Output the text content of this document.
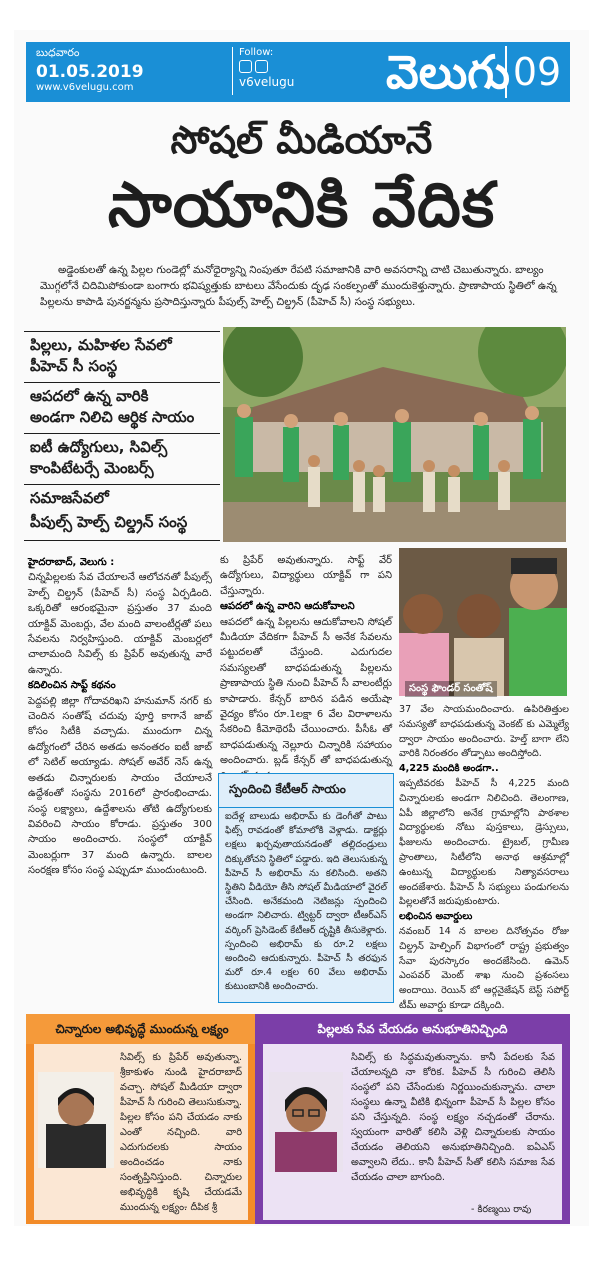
బుధవారం
01.05.2019
www.v6velugu.com
Follow:
v6velugu వెలుగు 09
సోషల్ మీడియానే
సాయానికి వేదిక
అడ్డెంకులతో ఉన్న పిల్లల గుండెల్లో మనోధైర్యాన్ని నింపుతూ రేపటి సమాజానికి వారి అవసరాన్ని చాటి చెబుతున్నారు. బాల్యం మొగ్గలోనే చిదిమిపోకుండా బంగారు భవిష్యత్తుకు బాటలు వేసేందుకు దృఢ సంకల్పంతో ముందుకెళ్తున్నారు. ప్రాణాపాయ స్థితిలో ఉన్న పిల్లలను కాపాడి పునర్జన్మను ప్రసాదిస్తున్నారు పీపుల్స్ హెల్ప్ చిల్డ్రన్ (పీహెచ్ సీ) సంస్థ సభ్యులు.
పిల్లలు, మహిళల సేవలో
పీహెచ్ సీ సంస్థ
ఆపదలో ఉన్న వారికి
అండగా నిలిచి ఆర్థిక సాయం
ఐటీ ఉద్యోగులు, సివిల్స్
కాంపిటేటర్సే మెంబర్స్
సమాజసేవలో
పీపుల్స్ హెల్ప్ చిల్డ్రన్ సంస్థ
సంస్థ ఫౌండర్ సంతోష్
హైదరాబాద్, వెలుగు :
చిన్నపిల్లలకు సేవ చేయాలనే ఆలోచనతో పీపుల్స్ హెల్ప్ చిల్డ్రన్ (పీహెచ్ సీ) సంస్థ ఏర్పడింది. ఒక్కరితో ఆరంభమైనా ప్రస్తుతం 37 మంది యాక్టివ్ మెంబర్లు, వేల మంది వాలంటీర్లతో పలు సేవలను నిర్వహిస్తుంది. యాక్టివ్ మెంబర్లలో చాలామంది సివిల్స్ కు ప్రిపేర్ అవుతున్న వారే ఉన్నారు.
కదిలించిన సాఫ్ట్ కథనం
పెద్దపల్లి జిల్లా గోదావరిఖని హనుమాన్ నగర్ కు చెందిన సంతోష్ చదువు పూర్తి కాగానే జాబ్ కోసం సిటీకి వచ్చాడు. ముందుగా చిన్న ఉద్యోగంలో చేరిన అతడు అనంతరం ఐటీ జాబ్ లో సెటిల్ అయ్యాడు. సోషల్ అవేర్ నెస్ ఉన్న అతడు చిన్నారులకు సాయం చేయాలనే ఉద్దేశంతో సంస్థను 2016లో ప్రారంభించాడు. సంస్థ లక్ష్యాలు, ఉద్దేశాలను తోటి ఉద్యోగులకు వివరించి సాయం కోరాడు. ప్రస్తుతం 300 సాయం అందించారు. సంస్థలో యాక్టివ్ మెంబర్లుగా 37 మంది ఉన్నారు. బాలల సంరక్షణ కోసం సంస్థ ఎప్పుడూ ముందుంటుంది.
కు ప్రిపేర్ అవుతున్నారు. సాఫ్ట్ వేర్ ఉద్యోగులు, విద్యార్థులు యాక్టివ్ గా పని చేస్తున్నారు.
ఆపదలో ఉన్న వారిని ఆదుకోవాలని
ఆపదలో ఉన్న పిల్లలను ఆదుకోవాలని సోషల్ మీడియా వేదికగా పీహెచ్ సీ అనేక సేవలను పట్టుదలతో చేస్తుంది. ఎదుగుదల సమస్యలతో బాధపడుతున్న పిల్లలను ప్రాణాపాయ స్థితి నుంచి పీహెచ్ సీ వాలంటీర్లు కాపాడారు. కేన్సర్ బారిన పడిన అయేషా వైద్యం కోసం రూ.1లక్షా 6 వేల విరాళాలను సేకరించి కీమోథెరపీ చేయించారు. పీసీఓ తో బాధపడుతున్న నెల్లూరు చిన్నారికి సహాయం అందించారు. బ్లడ్ కేన్సర్ తో బాధపడుతున్న
స్పందించి కేటీఆర్ సాయం
ఐదేళ్ల బాలుడు అభిరామ్ కు డెంగీతో పాటు ఫిట్స్ రావడంతో కోమాలోకి వెళ్లాడు. డాక్టర్లు లక్షలు ఖర్చవుతాయనడంతో తల్లిదండ్రులు దిక్కుతోచని స్థితిలో పడ్డారు. ఇది తెలుసుకున్న పీహెచ్ సీ అభిరామ్ ను కలిసింది. అతని స్థితిని వీడియో తీసి సోషల్ మీడియాలో వైరల్ చేసింది. అనేకమంది నెటిజన్లు స్పందించి అండగా నిలిచారు. ట్విట్టర్ ద్వారా టీఆర్ఎస్ వర్కింగ్ ప్రెసిడెంట్ కేటీఆర్ దృష్టికి తీసుకెళ్లారు. స్పందించి అభిరామ్ కు రూ.2 లక్షలు అందించి ఆదుకున్నారు. పీహెచ్ సీ తరఫున మరో రూ.4 లక్షల 60 వేలు అభిరామ్ కుటుంబానికి అందించారు.
37 వేల సాయమందించారు. ఉపిరితిత్తుల సమస్యతో బాధపడుతున్న వెంకట్ కు ఎమ్మెల్యే ద్వారా సాయం అందించారు. హెల్త్ బాగా లేని వారికి నిరంతరం తోడ్పాటు అందిస్తోంది.
4,225 మందికి అండగా..
ఇప్పటివరకు పీహెచ్ సీ 4,225 మంది చిన్నారులకు అండగా నిలిచింది. తెలంగాణ, ఏపీ జిల్లాలోని అనేక గ్రామాల్లోని పాఠశాల విద్యార్థులకు నోటు పుస్తకాలు, డ్రెస్సులు, ఫీజులను అందించారు. ట్రైబల్, గ్రామీణ ప్రాంతాలు, సిటీలోని అనాథ ఆశ్రమాల్లో ఉంటున్న విద్యార్థులకు నిత్యావసరాలు అందజేశారు. పీహెచ్ సీ సభ్యులు పండుగలను పిల్లలతోనే జరుపుకుంటారు.
లభించిన అవార్డులు
నవంబర్ 14 న బాలల దినోత్సవం రోజు చిల్డ్రన్ హెల్పింగ్ విభాగంలో రాష్ట్ర ప్రభుత్వం సేవా పురస్కారం అందజేసింది. ఉమెన్ ఎంపవర్ మెంట్ శాఖ నుంచి ప్రశంసలు అందాయి. రెయిన్ బో ఆర్గనైజేషన్ బెస్ట్ సపోర్ట్ టీమ్ అవార్డు కూడా దక్కింది.
చిన్నారుల అభివృద్ధే ముందున్న లక్ష్యం
సివిల్స్ కు ప్రిపేర్ అవుతున్నా. శ్రీకాకుళం నుండి హైదరాబాద్ వచ్చా. సోషల్ మీడియా ద్వారా పీహెచ్ సీ గురించి తెలుసుకున్నా. పిల్లల కోసం పని చేయడం నాకు ఎంతో నచ్చింది. వారి ఎదుగుదలకు సాయం అందించడం నాకు సంతృప్తినిస్తుంది. చిన్నారుల అభివృద్ధికి కృషి చేయడమే ముందున్న లక్ష్యం.
- దీపిక శ్రీ
పిల్లలకు సేవ చేయడం అనుభూతినిచ్చింది
సివిల్స్ కు సిద్ధమవుతున్నాను. కానీ పేదలకు సేవ చేయాలన్నది నా కోరిక. పీహెచ్ సీ గురించి తెలిసి సంస్థలో పని చేసేందుకు నిర్ణయించుకున్నాను. చాలా సంస్థలు ఉన్నా వీటికి భిన్నంగా పీహెచ్ సీ పిల్లల కోసం పని చేస్తున్నది. సంస్థ లక్ష్యం నచ్చడంతో చేరాను. స్వయంగా వారితో కలిసి వెళ్లి చిన్నారులకు సాయం చేయడం తెలియని అనుభూతినిచ్చింది. ఐఏఎస్ అవ్వాలని లేదు.. కానీ పీహెచ్ సీతో కలిసి సమాజ సేవ చేయడం చాలా బాగుంది.
- కిరణ్మయి రావు
